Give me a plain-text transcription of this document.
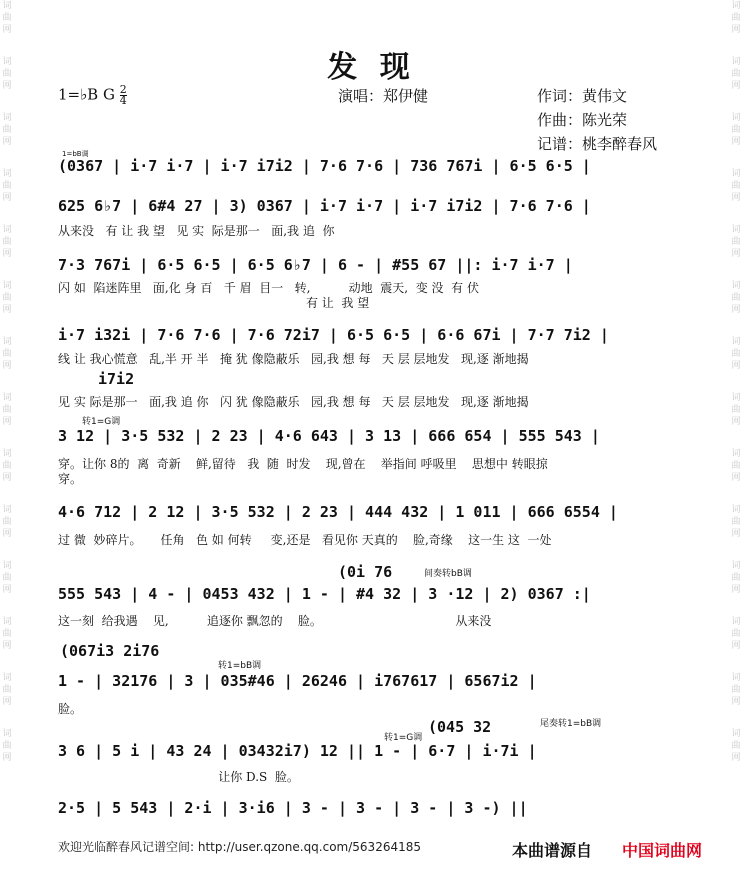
词曲网
词曲网
词曲网
词曲网
词曲网
词曲网
词曲网
词曲网
词曲网
词曲网
词曲网
词曲网
词曲网
词曲网
词曲网
词曲网
词曲网
词曲网
词曲网
词曲网
词曲网
词曲网
词曲网
词曲网
词曲网
词曲网
词曲网
词曲网
发 现
1=♭B G $\frac{2}{4}$	演唱：郑伊健	作词：黄伟文
作曲：陈光荣
记谱：桃李醉春风
1=bB调
(0367 | i·7 i·7 | i·7 i7i2 | 7·6 7·6 | 736 767i | 6·5 6·5 |
625 6♭7 | 6#4 27 | 3) 0367 | i·7 i·7 | i·7 i7i2 | 7·6 7·6 |
从来没   有 让 我 望   见 实  际是那一   面,我 追  你
7·3 767i | 6·5 6·5 | 6·5 6♭7 | 6 - | #55 67 ||: i·7 i·7 |
闪 如  陷迷阵里   面,化 身 百   千 眉  目一   转,          动地  震天,  变 没  有 伏
有 让  我 望
i·7 i32i | 7·6 7·6 | 7·6 72i7 | 6·5 6·5 | 6·6 67i | 7·7 7i2 |
线 让 我心慌意   乱,半 开 半   掩 犹 像隐蔽乐   园,我 想 每   天 层 层地发   现,逐 渐地揭
i7i2
见 实 际是那一   面,我 追 你   闪 犹 像隐蔽乐   园,我 想 每   天 层 层地发   现,逐 渐地揭
转1=G调
3 12 | 3·5 532 | 2 23 | 4·6 643 | 3 13 | 666 654 | 555 543 |
穿。让你 8的  离  奇新    鲜,留待   我  随  时发    现,曾在    举指间 呼吸里    思想中 转眼掠
穿。
4·6 712 | 2 12 | 3·5 532 | 2 23 | 444 432 | 1 011 | 666 6554 |
过 微  妙碎片。     任角   色 如 何转     变,还是   看见你 天真的    脸,奇缘    这一生 这  一处
(0i 76	间奏转bB调
555 543 | 4 - | 0453 432 | 1 - | #4 32 | 3 ·12 | 2) 0367 :|
这一刻  给我遇    见,          追逐你 飘忽的    脸。                                   从来没
(067i3 2i76
转1=bB调
1 - | 32176 | 3 | 035#46 | 26246 | i767617 | 6567i2 |
脸。
(045 32
转1=G调
尾奏转1=bB调
3 6 | 5 i | 43 24 | 03432i7) 12 || 1 - | 6·7 | i·7i |
让你 D.S  脸。
2·5 | 5 543 | 2·i | 3·i6 | 3 - | 3 - | 3 - | 3 -) ||
欢迎光临醉春风记谱空间: http://user.qzone.qq.com/563264185	本曲谱源自 中国词曲网
